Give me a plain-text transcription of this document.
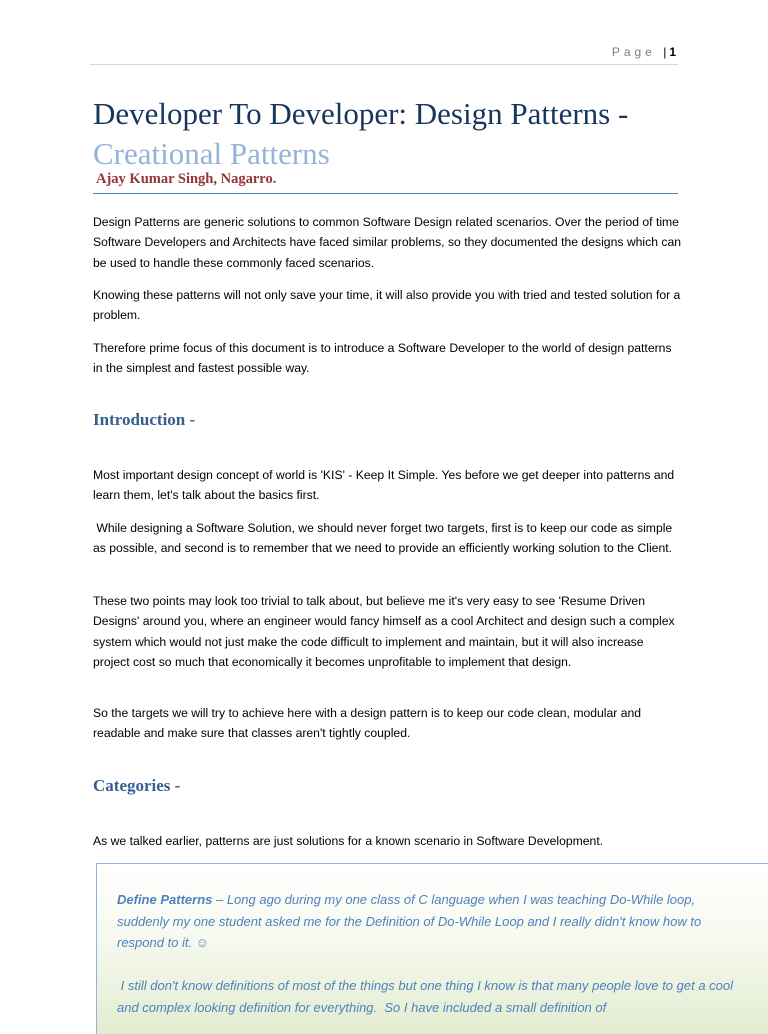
Page | 1
Developer To Developer: Design Patterns - Creational Patterns
Ajay Kumar Singh, Nagarro.

Design Patterns are generic solutions to common Software Design related scenarios. Over the period of time Software Developers and Architects have faced similar problems, so they documented the designs which can be used to handle these commonly faced scenarios.

Knowing these patterns will not only save your time, it will also provide you with tried and tested solution for a problem.

Therefore prime focus of this document is to introduce a Software Developer to the world of design patterns in the simplest and fastest possible way.

Introduction -

Most important design concept of world is 'KIS' - Keep It Simple. Yes before we get deeper into patterns and learn them, let's talk about the basics first.

While designing a Software Solution, we should never forget two targets, first is to keep our code as simple as possible, and second is to remember that we need to provide an efficiently working solution to the Client.

These two points may look too trivial to talk about, but believe me it's very easy to see 'Resume Driven Designs' around you, where an engineer would fancy himself as a cool Architect and design such a complex system which would not just make the code difficult to implement and maintain, but it will also increase project cost so much that economically it becomes unprofitable to implement that design.

So the targets we will try to achieve here with a design pattern is to keep our code clean, modular and readable and make sure that classes aren't tightly coupled.

Categories -

As we talked earlier, patterns are just solutions for a known scenario in Software Development.

Define Patterns – Long ago during my one class of C language when I was teaching Do-While loop, suddenly my one student asked me for the Definition of Do-While Loop and I really didn't know how to respond to it. ☺

I still don't know definitions of most of the things but one thing I know is that many people love to get a cool and complex looking definition for everything.  So I have included a small definition of
